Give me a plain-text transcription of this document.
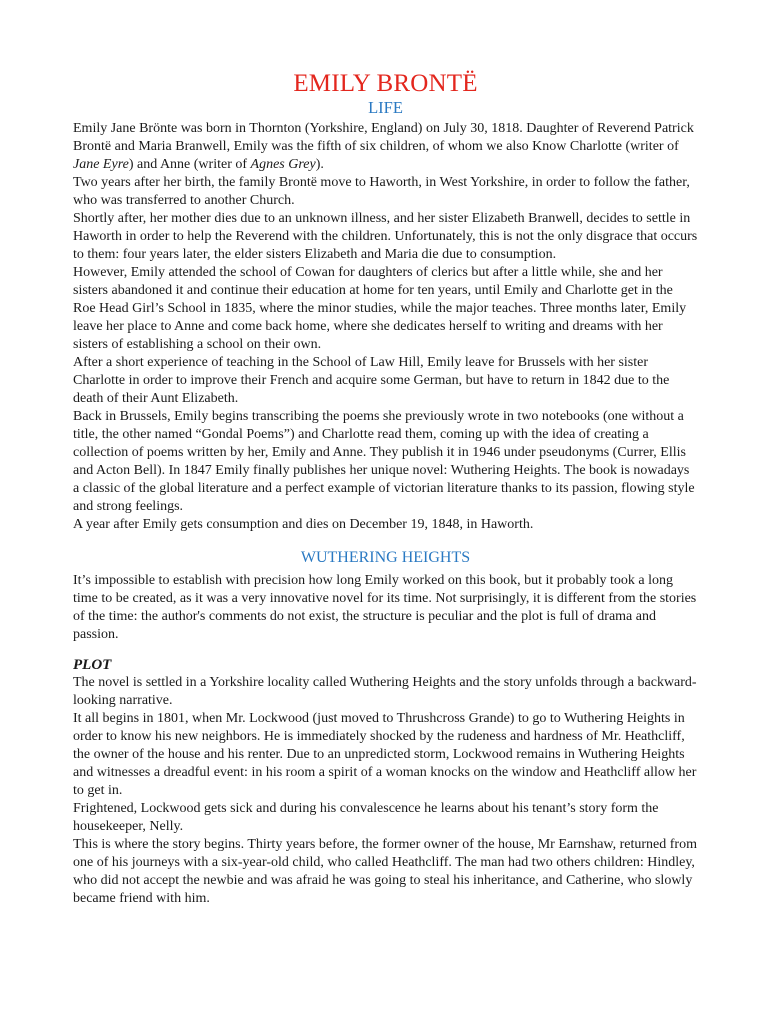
EMILY BRONTË
LIFE

Emily Jane Brönte was born in Thornton (Yorkshire, England) on July 30, 1818. Daughter of Reverend Patrick Brontë and Maria Branwell, Emily was the fifth of six children, of whom we also Know Charlotte (writer of Jane Eyre) and Anne (writer of Agnes Grey).

Two years after her birth, the family Brontë move to Haworth, in West Yorkshire, in order to follow the father, who was transferred to another Church.

Shortly after, her mother dies due to an unknown illness, and her sister Elizabeth Branwell, decides to settle in Haworth in order to help the Reverend with the children. Unfortunately, this is not the only disgrace that occurs to them: four years later, the elder sisters Elizabeth and Maria die due to consumption.

However, Emily attended the school of Cowan for daughters of clerics but after a little while, she and her sisters abandoned it and continue their education at home for ten years, until Emily and Charlotte get in the Roe Head Girl’s School in 1835, where the minor studies, while the major teaches. Three months later, Emily leave her place to Anne and come back home, where she dedicates herself to writing and dreams with her sisters of establishing a school on their own.

After a short experience of teaching in the School of Law Hill, Emily leave for Brussels with her sister Charlotte in order to improve their French and acquire some German, but have to return in 1842 due to the death of their Aunt Elizabeth.

Back in Brussels, Emily begins transcribing the poems she previously wrote in two notebooks (one without a title, the other named “Gondal Poems”) and Charlotte read them, coming up with the idea of creating a collection of poems written by her, Emily and Anne. They publish it in 1946 under pseudonyms (Currer, Ellis and Acton Bell). In 1847 Emily finally publishes her unique novel: Wuthering Heights. The book is nowadays a classic of the global literature and a perfect example of victorian literature thanks to its passion, flowing style and strong feelings.

A year after Emily gets consumption and dies on December 19, 1848, in Haworth.

WUTHERING HEIGHTS

It’s impossible to establish with precision how long Emily worked on this book, but it probably took a long time to be created, as it was a very innovative novel for its time. Not surprisingly, it is different from the stories of the time: the author's comments do not exist, the structure is peculiar and the plot is full of drama and passion.

PLOT

The novel is settled in a Yorkshire locality called Wuthering Heights and the story unfolds through a backward-looking narrative.

It all begins in 1801, when Mr. Lockwood (just moved to Thrushcross Grande) to go to Wuthering Heights in order to know his new neighbors. He is immediately shocked by the rudeness and hardness of Mr. Heathcliff, the owner of the house and his renter. Due to an unpredicted storm, Lockwood remains in Wuthering Heights and witnesses a dreadful event: in his room a spirit of a woman knocks on the window and Heathcliff allow her to get in.

Frightened, Lockwood gets sick and during his convalescence he learns about his tenant’s story form the housekeeper, Nelly.

This is where the story begins. Thirty years before, the former owner of the house, Mr Earnshaw, returned from one of his journeys with a six-year-old child, who called Heathcliff. The man had two others children: Hindley, who did not accept the newbie and was afraid he was going to steal his inheritance, and Catherine, who slowly became friend with him.
